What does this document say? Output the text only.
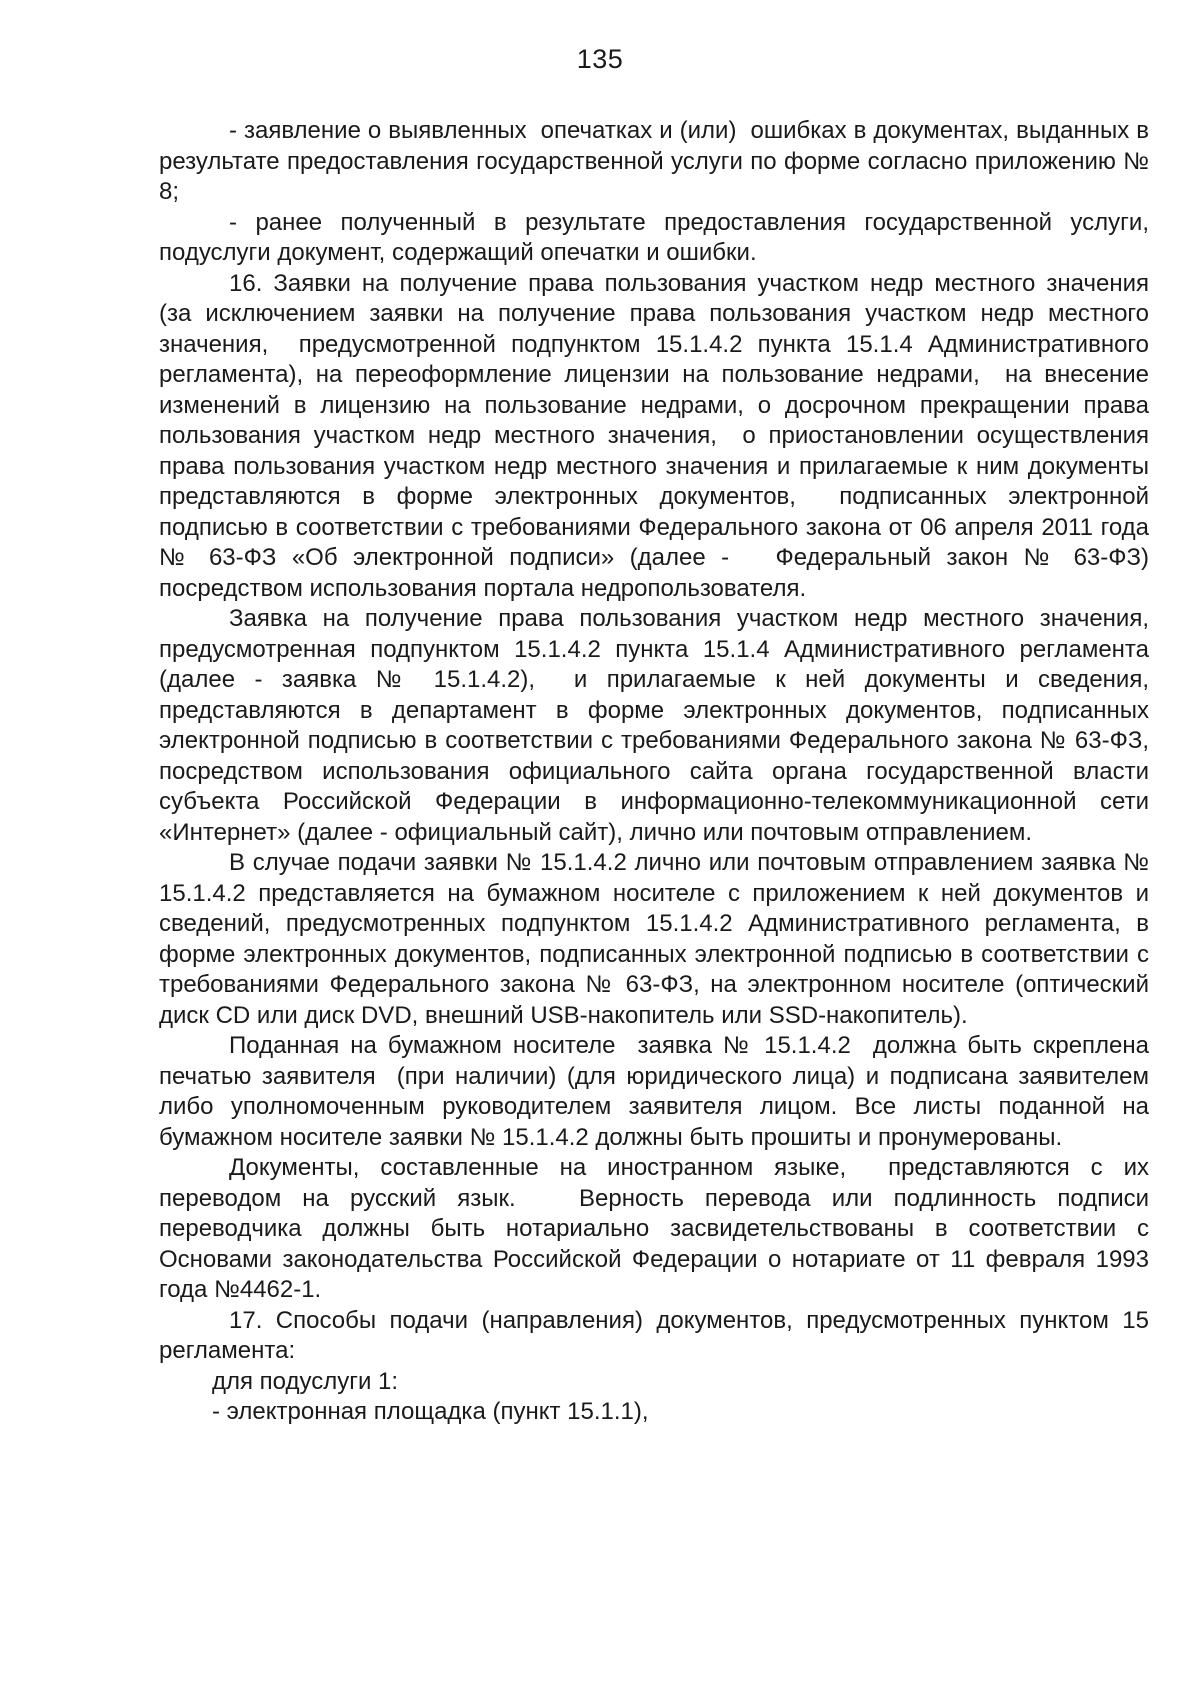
135

- заявление о выявленных  опечатках и (или)  ошибках в документах, выданных в результате предоставления государственной услуги по форме согласно приложению № 8;

- ранее полученный в результате предоставления государственной услуги, подуслуги документ, содержащий опечатки и ошибки.

16. Заявки на получение права пользования участком недр местного значения (за исключением заявки на получение права пользования участком недр местного значения,  предусмотренной подпунктом 15.1.4.2 пункта 15.1.4 Административного регламента), на переоформление лицензии на пользование недрами,  на внесение изменений в лицензию на пользование недрами, о досрочном прекращении права пользования участком недр местного значения,  о приостановлении осуществления права пользования участком недр местного значения и прилагаемые к ним документы представляются в форме электронных документов,  подписанных электронной подписью в соответствии с требованиями Федерального закона от 06 апреля 2011 года № 63-ФЗ «Об электронной подписи» (далее -   Федеральный закон № 63-ФЗ) посредством использования портала недропользователя.

Заявка на получение права пользования участком недр местного значения, предусмотренная подпунктом 15.1.4.2 пункта 15.1.4 Административного регламента (далее - заявка № 15.1.4.2),  и прилагаемые к ней документы и сведения, представляются в департамент в форме электронных документов, подписанных электронной подписью в соответствии с требованиями Федерального закона № 63-ФЗ,   посредством использования официального сайта органа государственной власти субъекта Российской Федерации в информационно-телекоммуникационной сети «Интернет» (далее - официальный сайт), лично или почтовым отправлением.

В случае подачи заявки № 15.1.4.2 лично или почтовым отправлением заявка № 15.1.4.2 представляется на бумажном носителе с приложением к ней документов и сведений, предусмотренных подпунктом 15.1.4.2 Административного регламента, в форме электронных документов, подписанных электронной подписью в соответствии с требованиями Федерального закона № 63-ФЗ, на электронном носителе (оптический диск CD или диск DVD, внешний USB-накопитель или SSD-накопитель).

Поданная на бумажном носителе  заявка № 15.1.4.2  должна быть скреплена печатью заявителя  (при наличии) (для юридического лица) и подписана заявителем либо уполномоченным руководителем заявителя лицом. Все листы поданной на бумажном носителе заявки № 15.1.4.2 должны быть прошиты и пронумерованы.

Документы, составленные на иностранном языке,  представляются с их переводом на русский язык.   Верность перевода или подлинность подписи переводчика должны быть нотариально засвидетельствованы в соответствии с Основами законодательства Российской Федерации о нотариате от 11 февраля 1993 года №4462-1.

17. Способы подачи (направления) документов, предусмотренных пунктом 15 регламента:

для подуслуги 1:

- электронная площадка (пункт 15.1.1),
